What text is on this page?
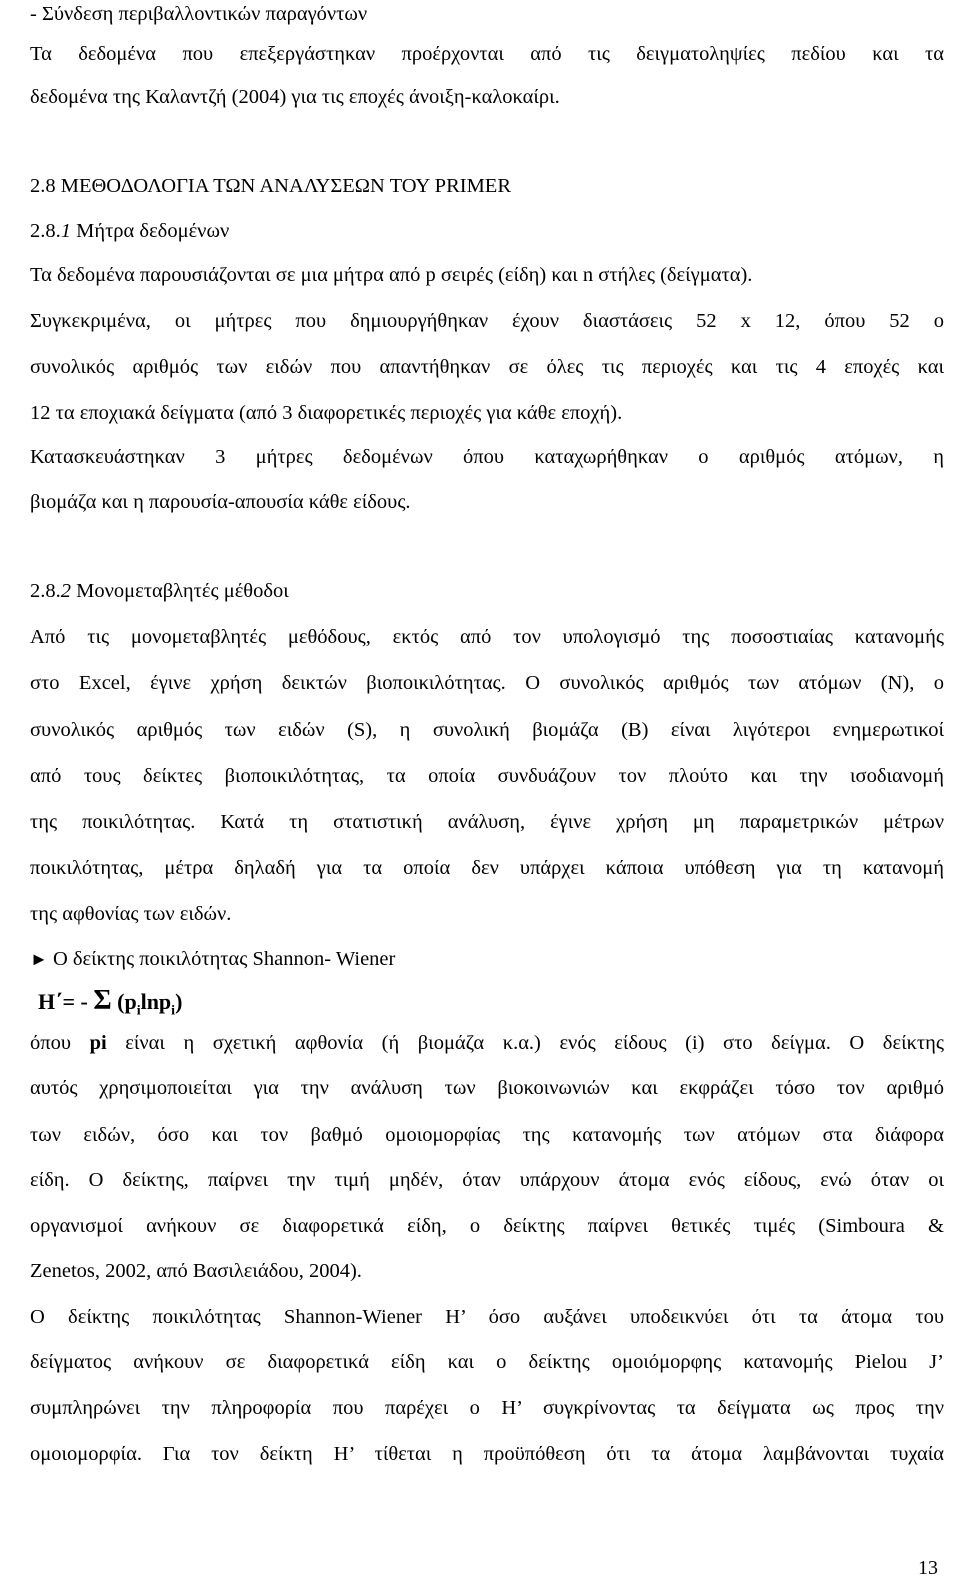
- Σύνδεση περιβαλλοντικών παραγόντων
Τα δεδομένα που επεξεργάστηκαν προέρχονται από τις δειγματοληψίες πεδίου και τα
δεδομένα της Καλαντζή (2004) για τις εποχές άνοιξη-καλοκαίρι.
2.8 ΜΕΘΟΔΟΛΟΓΙΑ ΤΩΝ ΑΝΑΛΥΣΕΩΝ ΤΟΥ PRIMER
2.8.1 Μήτρα δεδομένων
Τα δεδομένα παρουσιάζονται σε μια μήτρα από p σειρές (είδη) και n στήλες (δείγματα).
Συγκεκριμένα, οι μήτρες που δημιουργήθηκαν έχουν διαστάσεις 52 x 12, όπου 52 ο
συνολικός αριθμός των ειδών που απαντήθηκαν σε όλες τις περιοχές και τις 4 εποχές και
12 τα εποχιακά δείγματα (από 3 διαφορετικές περιοχές για κάθε εποχή).
Κατασκευάστηκαν 3 μήτρες δεδομένων όπου καταχωρήθηκαν ο αριθμός ατόμων, η
βιομάζα και η παρουσία-απουσία κάθε είδους.
2.8.2 Μονομεταβλητές μέθοδοι
Από τις μονομεταβλητές μεθόδους, εκτός από τον υπολογισμό της ποσοστιαίας κατανομής
στο Excel, έγινε χρήση δεικτών βιοποικιλότητας. Ο συνολικός αριθμός των ατόμων (Ν), ο
συνολικός αριθμός των ειδών (S), η συνολική βιομάζα (Β) είναι λιγότεροι ενημερωτικοί
από τους δείκτες βιοποικιλότητας, τα οποία συνδυάζουν τον πλούτο και την ισοδιανομή
της ποικιλότητας. Κατά τη στατιστική ανάλυση, έγινε χρήση μη παραμετρικών μέτρων
ποικιλότητας, μέτρα δηλαδή για τα οποία δεν υπάρχει κάποια υπόθεση για τη κατανομή
της αφθονίας των ειδών.
► Ο δείκτης ποικιλότητας Shannon- Wiener
H΄= - Σ $(p_i\ln p_i)$
όπου pi είναι η σχετική αφθονία (ή βιομάζα κ.α.) ενός είδους (i) στο δείγμα. Ο δείκτης
αυτός χρησιμοποιείται για την ανάλυση των βιοκοινωνιών και εκφράζει τόσο τον αριθμό
των ειδών, όσο και τον βαθμό ομοιομορφίας της κατανομής των ατόμων στα διάφορα
είδη. Ο δείκτης, παίρνει την τιμή μηδέν, όταν υπάρχουν άτομα ενός είδους, ενώ όταν οι
οργανισμοί ανήκουν σε διαφορετικά είδη, ο δείκτης παίρνει θετικές τιμές (Simboura &
Zenetos, 2002, από Βασιλειάδου, 2004).
Ο δείκτης ποικιλότητας Shannon-Wiener H’ όσο αυξάνει υποδεικνύει ότι τα άτομα του
δείγματος ανήκουν σε διαφορετικά είδη και ο δείκτης ομοιόμορφης κατανομής Pielou J’
συμπληρώνει την πληροφορία που παρέχει ο H’ συγκρίνοντας τα δείγματα ως προς την
ομοιομορφία. Για τον δείκτη H’ τίθεται η προϋπόθεση ότι τα άτομα λαμβάνονται τυχαία
13
